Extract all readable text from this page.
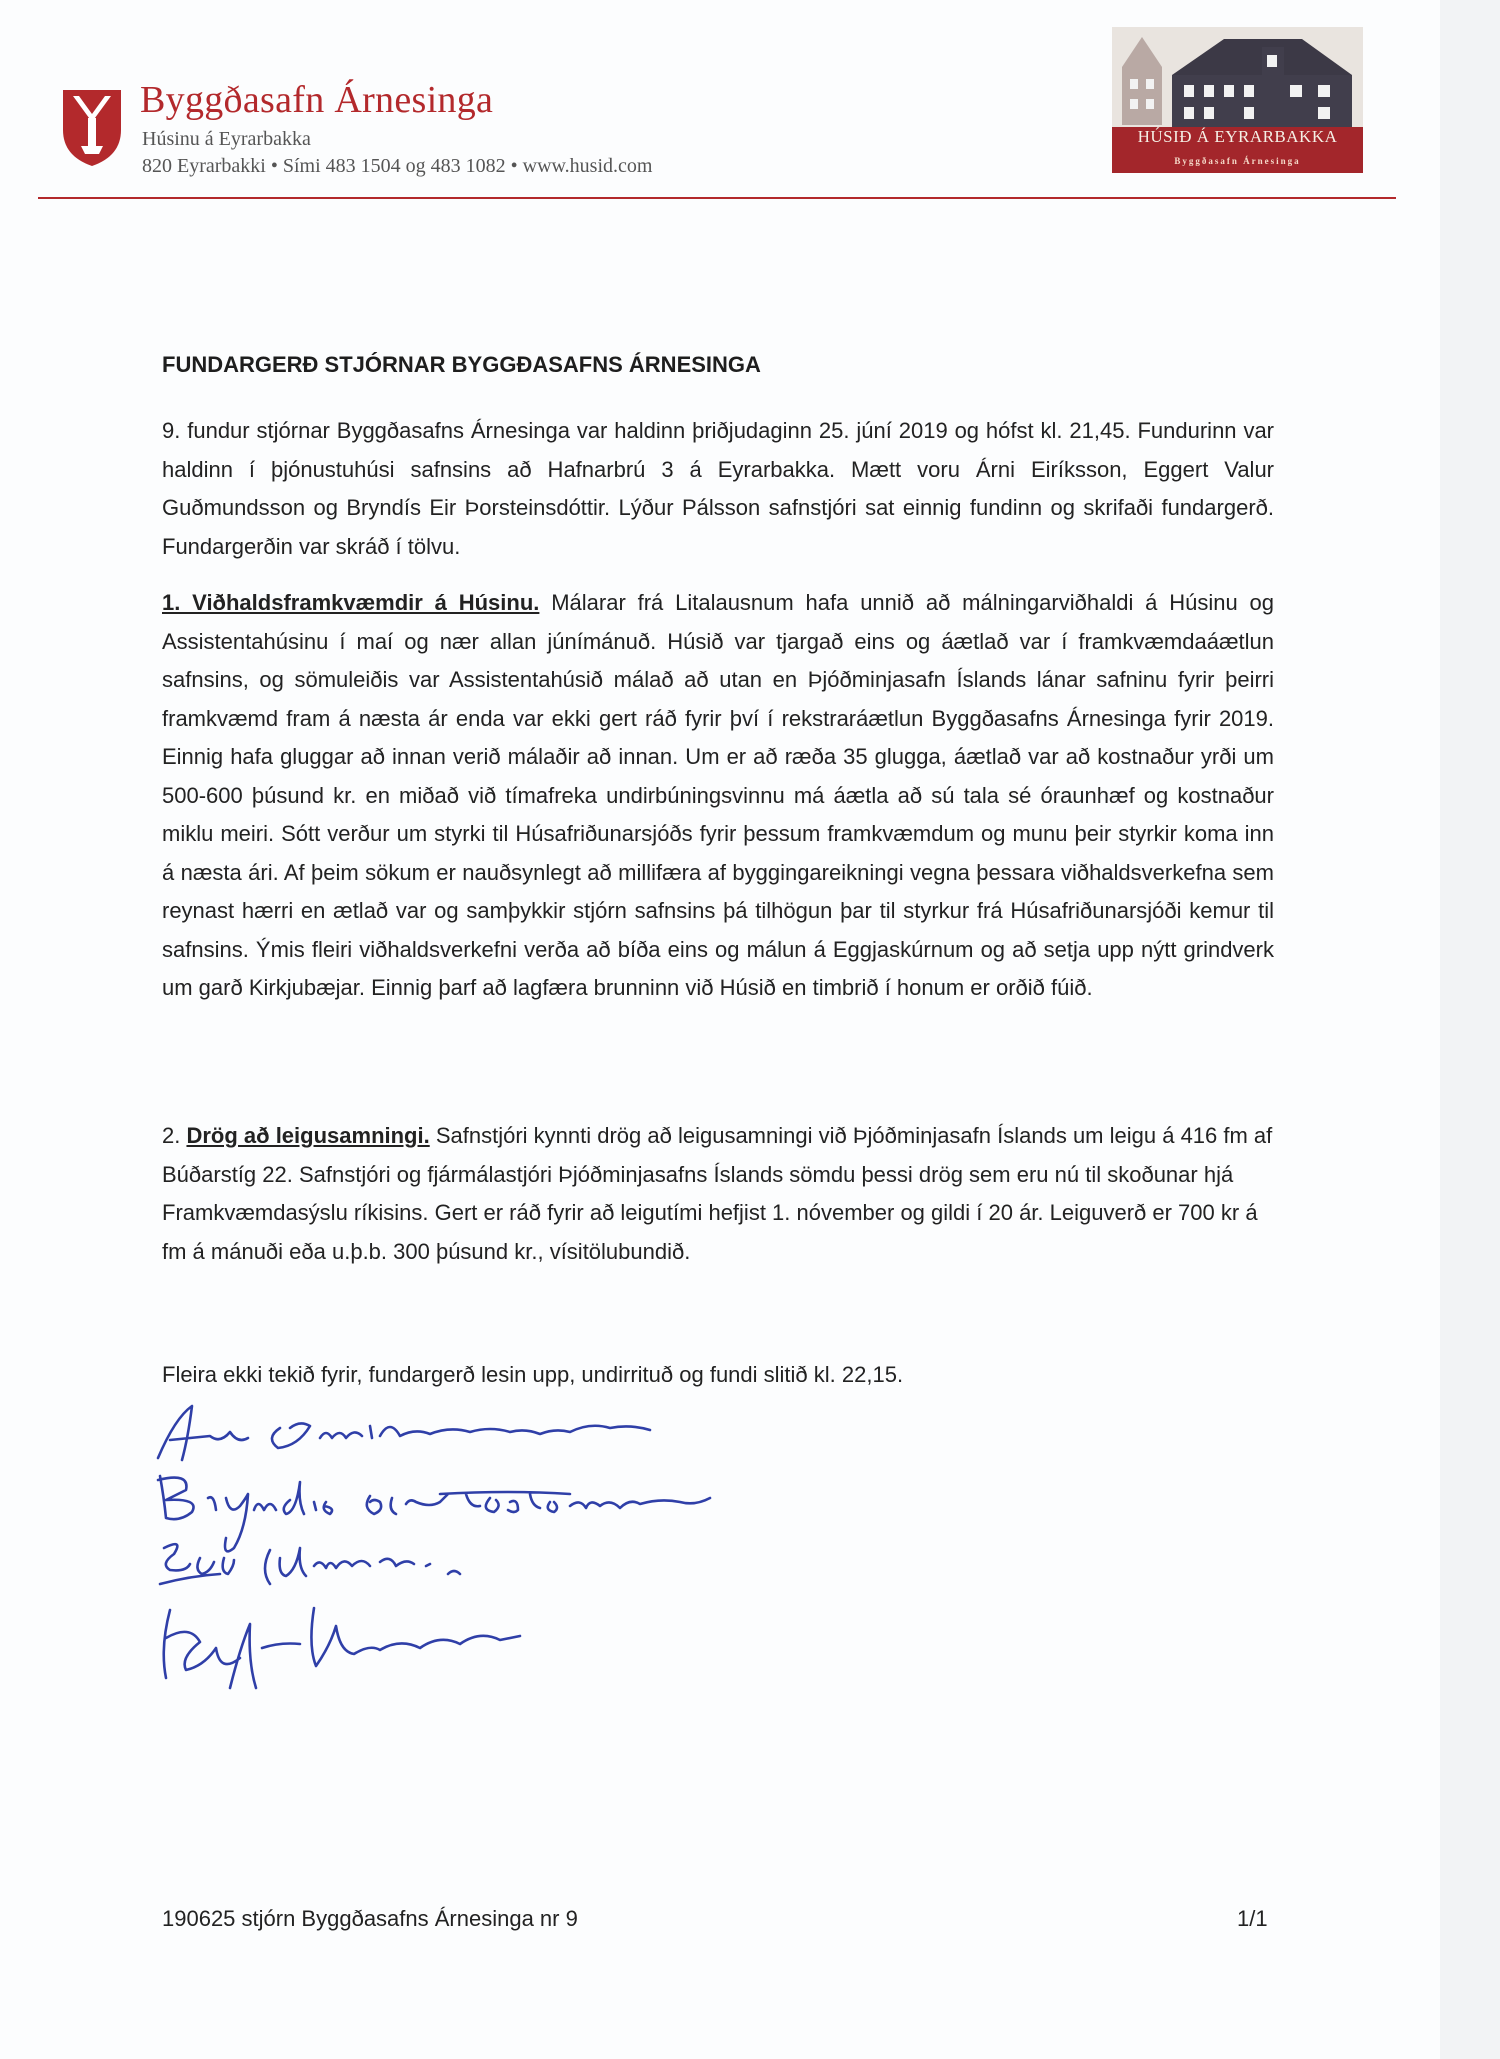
Byggðasafn Árnesinga
Húsinu á Eyrarbakka
820 Eyrarbakki • Sími 483 1504 og 483 1082 • www.husid.com
HÚSIÐ Á EYRARBAKKA
Byggðasafn Árnesinga
FUNDARGERÐ STJÓRNAR BYGGÐASAFNS ÁRNESINGA
9. fundur stjórnar Byggðasafns Árnesinga var haldinn þriðjudaginn 25. júní 2019 og hófst kl. 21,45. Fundurinn var haldinn í þjónustuhúsi safnsins að Hafnarbrú 3 á Eyrarbakka. Mætt voru Árni Eiríksson, Eggert Valur Guðmundsson og Bryndís Eir Þorsteinsdóttir. Lýður Pálsson safnstjóri sat einnig fundinn og skrifaði fundargerð. Fundargerðin var skráð í tölvu.
1. Viðhaldsframkvæmdir á Húsinu. Málarar frá Litalausnum hafa unnið að málningarviðhaldi á Húsinu og Assistentahúsinu í maí og nær allan júnímánuð. Húsið var tjargað eins og áætlað var í framkvæmdaáætlun safnsins, og sömuleiðis var Assistentahúsið málað að utan en Þjóðminjasafn Íslands lánar safninu fyrir þeirri framkvæmd fram á næsta ár enda var ekki gert ráð fyrir því í rekstraráætlun Byggðasafns Árnesinga fyrir 2019. Einnig hafa gluggar að innan verið málaðir að innan. Um er að ræða 35 glugga, áætlað var að kostnaður yrði um 500-600 þúsund kr. en miðað við tímafreka undirbúningsvinnu má áætla að sú tala sé óraunhæf og kostnaður miklu meiri. Sótt verður um styrki til Húsafriðunarsjóðs fyrir þessum framkvæmdum og munu þeir styrkir koma inn á næsta ári. Af þeim sökum er nauðsynlegt að millifæra af byggingareikningi vegna þessara viðhaldsverkefna sem reynast hærri en ætlað var og samþykkir stjórn safnsins þá tilhögun þar til styrkur frá Húsafriðunarsjóði kemur til safnsins. Ýmis fleiri viðhaldsverkefni verða að bíða eins og málun á Eggjaskúrnum og að setja upp nýtt grindverk um garð Kirkjubæjar. Einnig þarf að lagfæra brunninn við Húsið en timbrið í honum er orðið fúið.
2. Drög að leigusamningi. Safnstjóri kynnti drög að leigusamningi við Þjóðminjasafn Íslands um leigu á 416 fm af Búðarstíg 22. Safnstjóri og fjármálastjóri Þjóðminjasafns Íslands sömdu þessi drög sem eru nú til skoðunar hjá Framkvæmdasýslu ríkisins. Gert er ráð fyrir að leigutími hefjist 1. nóvember og gildi í 20 ár. Leiguverð er 700 kr á fm á mánuði eða u.þ.b. 300 þúsund kr., vísitölubundið.
Fleira ekki tekið fyrir, fundargerð lesin upp, undirrituð og fundi slitið kl. 22,15.
190625 stjórn Byggðasafns Árnesinga nr 9	1/1
